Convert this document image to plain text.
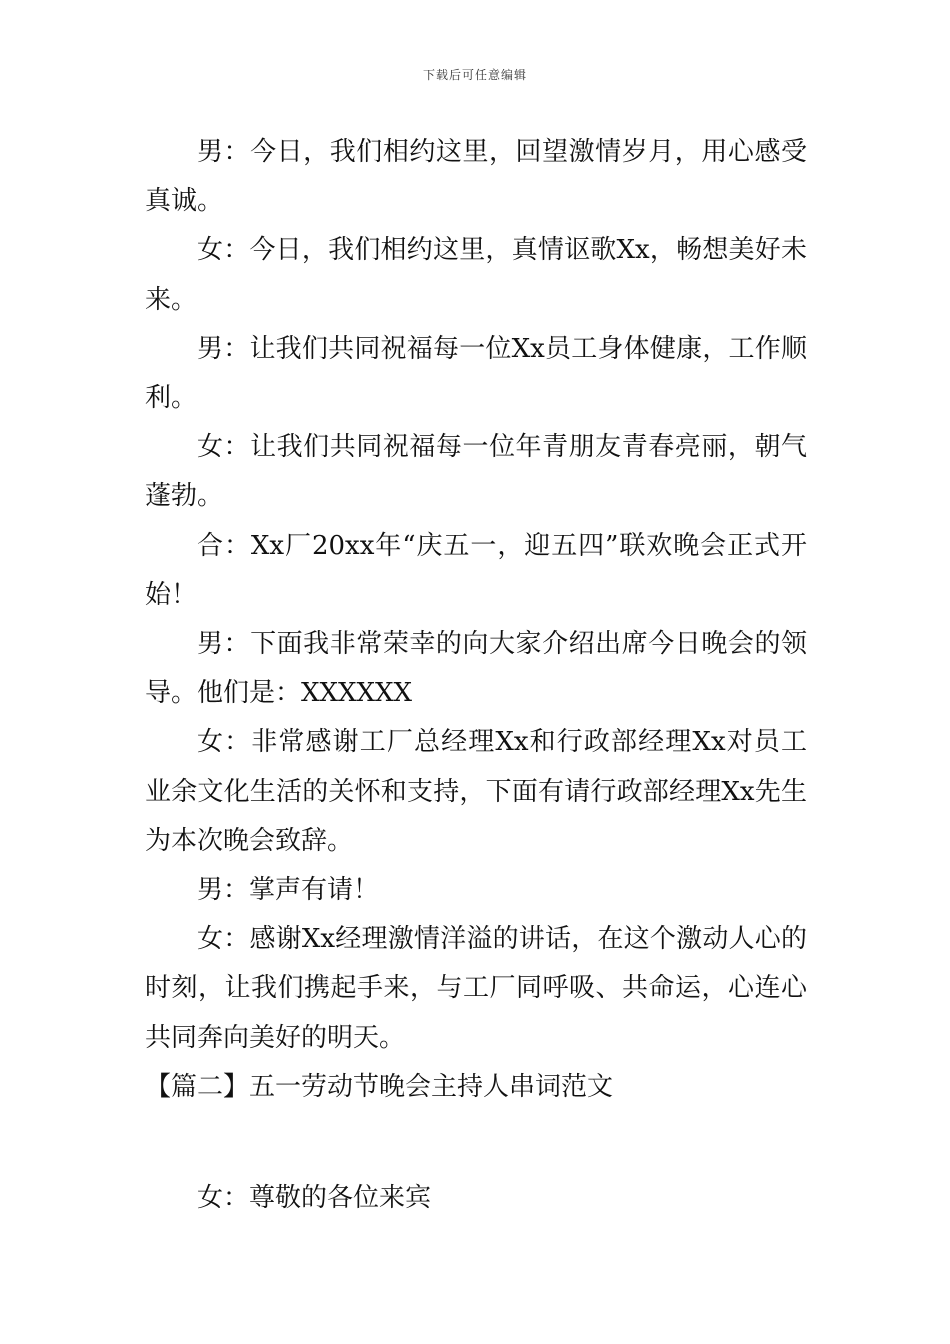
下载后可任意编辑

男：今日，我们相约这里，回望激情岁月，用心感受真诚。

女：今日，我们相约这里，真情讴歌Xx，畅想美好未来。

男：让我们共同祝福每一位Xx员工身体健康，工作顺利。

女：让我们共同祝福每一位年青朋友青春亮丽，朝气蓬勃。

合：Xx厂20xx年“庆五一，迎五四”联欢晚会正式开始！

男：下面我非常荣幸的向大家介绍出席今日晚会的领导。他们是：XXXXXX

女：非常感谢工厂总经理Xx和行政部经理Xx对员工业余文化生活的关怀和支持，下面有请行政部经理Xx先生为本次晚会致辞。

男：掌声有请！

女：感谢Xx经理激情洋溢的讲话，在这个激动人心的时刻，让我们携起手来，与工厂同呼吸、共命运，心连心共同奔向美好的明天。

【篇二】五一劳动节晚会主持人串词范文

女：尊敬的各位来宾
